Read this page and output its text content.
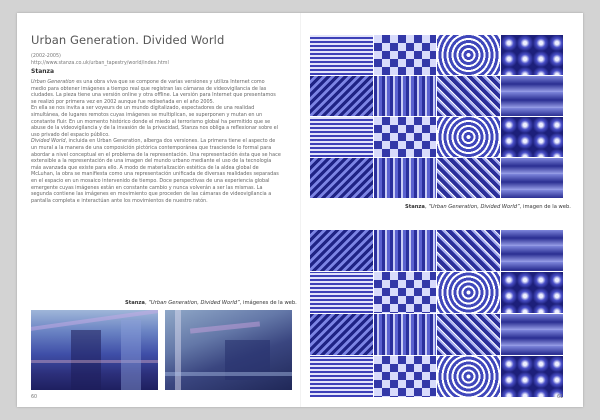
Urban Generation. Divided World
(2002-2005)
http://www.stanza.co.uk/urban_tapestry/world/index.html
Stanza

Urban Generation es una obra viva que se compone de varias versiones y utiliza Internet como medio para obtener imágenes a tiempo real que registran las cámaras de videovigilancia de las ciudades. La pieza tiene una versión online y otra offline. La versión para Internet que presentamos se realizó por primera vez en 2002 aunque fue rediseñada en el año 2005.

En ella se nos invita a ser voyeurs de un mundo digitalizado, espectadores de una realidad simultánea, de lugares remotos cuyas imágenes se multiplican, se superponen y mutan en un constante fluir. En un momento histórico donde el miedo al terrorismo global ha permitido que se abuse de la videovigilancia y de la invasión de la privacidad, Stanza nos obliga a reflexionar sobre el uso privado del espacio público.

Divided World, incluida en Urban Generation, alberga dos versiones. La primera tiene el aspecto de un mural a la manera de una composición pictórica contemporánea que trasciende lo formal para abordar a nivel conceptual en el problema de la representación. Una representación ésta que se hace extensible a la representación de una imagen del mundo urbano mediante el uso de la tecnología más avanzada que existe para ello. A modo de materialización estética de la aldea global de McLuhan, la obra se manifiesta como una representación unificada de diversas realidades separadas en el espacio en un mosaico intervenido de tiempo. Doce perspectivas de una experiencia global emergente cuyas imágenes están en constante cambio y nunca volverán a ser las mismas. La segunda contiene las imágenes en movimiento que proceden de las cámaras de videovigilancia a pantalla completa e interactúan ante los movimientos de nuestro ratón.

Stanza, “Urban Generation, Divided World”, imágenes de la web.
60
Stanza, “Urban Generation, Divided World”, imagen de la web.
61
